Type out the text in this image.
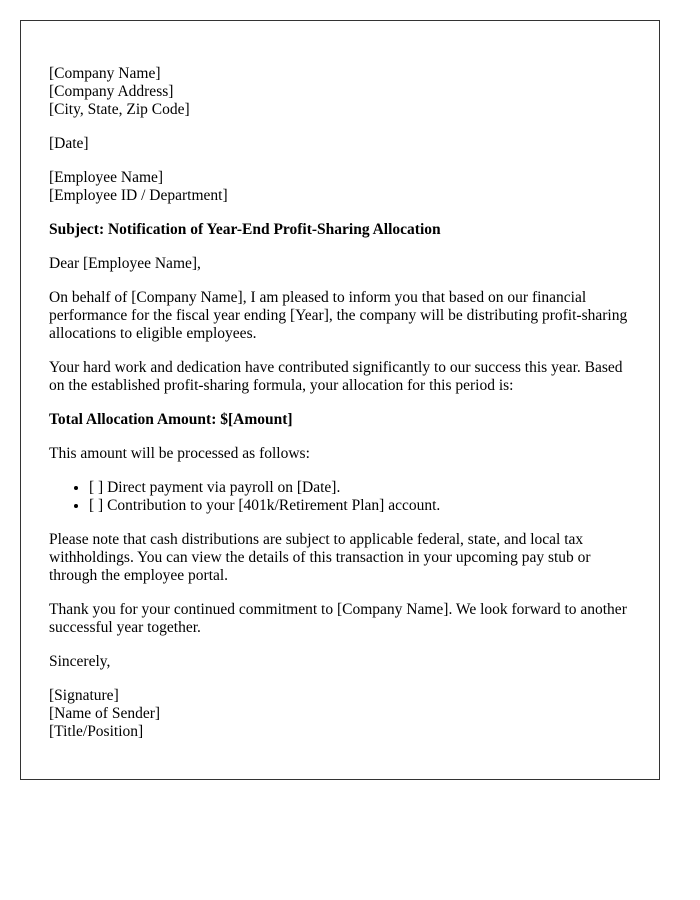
[Company Name]
[Company Address]
[City, State, Zip Code]

[Date]

[Employee Name]
[Employee ID / Department]

Subject: Notification of Year-End Profit-Sharing Allocation

Dear [Employee Name],

On behalf of [Company Name], I am pleased to inform you that based on our financial performance for the fiscal year ending [Year], the company will be distributing profit-sharing allocations to eligible employees.

Your hard work and dedication have contributed significantly to our success this year. Based on the established profit-sharing formula, your allocation for this period is:

Total Allocation Amount: $[Amount]

This amount will be processed as follows:

• [ ] Direct payment via payroll on [Date].
• [ ] Contribution to your [401k/Retirement Plan] account.

Please note that cash distributions are subject to applicable federal, state, and local tax withholdings. You can view the details of this transaction in your upcoming pay stub or through the employee portal.

Thank you for your continued commitment to [Company Name]. We look forward to another successful year together.

Sincerely,

[Signature]
[Name of Sender]
[Title/Position]
